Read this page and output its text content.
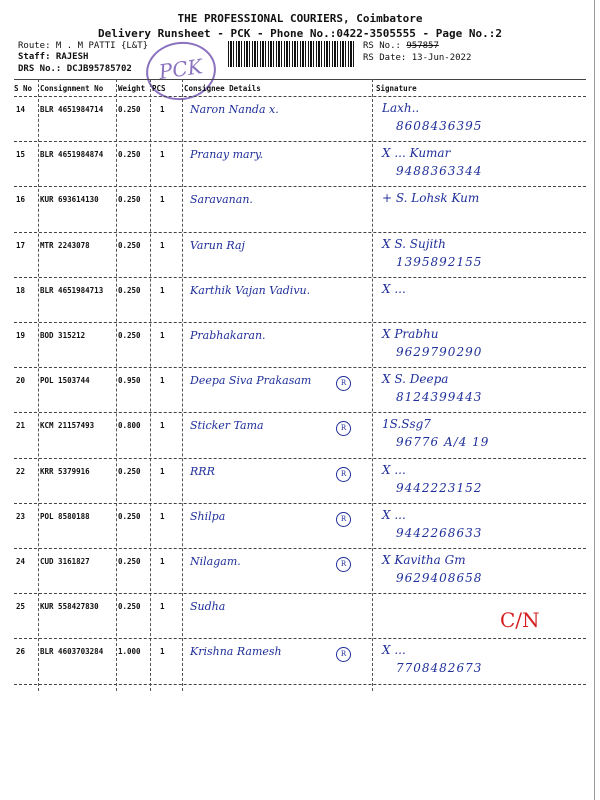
THE PROFESSIONAL COURIERS, Coimbatore
Delivery Runsheet - PCK - Phone No.:0422-3505555 - Page No.:2
Route: M . M PATTI {L&T}
Staff: RAJESH
DRS No.: DCJB95785702	PCK
RS No.: 957857
RS Date: 13-Jun-2022
S No Consignment No Weight PCS Consignee Details	Signature
14 BLR 4651984714 0.250	1 Naron Nanda x.	Laxh..
8608436395
15 BLR 4651984874 0.250	1 Pranay mary.	X ... Kumar
9488363344
16 KUR 693614130	0.250	1 Saravanan.	+ S. Lohsk Kum
17 MTR 2243078	0.250	1 Varun Raj	X S. Sujith
1395892155
18 BLR 4651984713 0.250	1 Karthik Vajan Vadivu.	X ...
19 BOD 315212	0.250	1 Prabhakaran.	X Prabhu
9629790290
20 POL 1503744	0.950	1 Deepa Siva Prakasam	X S. Deepa
8124399443
R
21 KCM 21157493	0.800	1 Sticker Tama	1S.Ssg7
96776 A/4 19
R
22 KRR 5379916	0.250	1 RRR	X ...
9442223152
R
23 POL 8580188	0.250	1 Shilpa	X ...
9442268633
R
24 CUD 3161827	0.250	1 Nilagam.	X Kavitha Gm
9629408658
R
25 KUR 558427830	0.250	1 Sudha
C/N
26 BLR 4603703284 1.000	1 Krishna Ramesh	X ...
7708482673
R
